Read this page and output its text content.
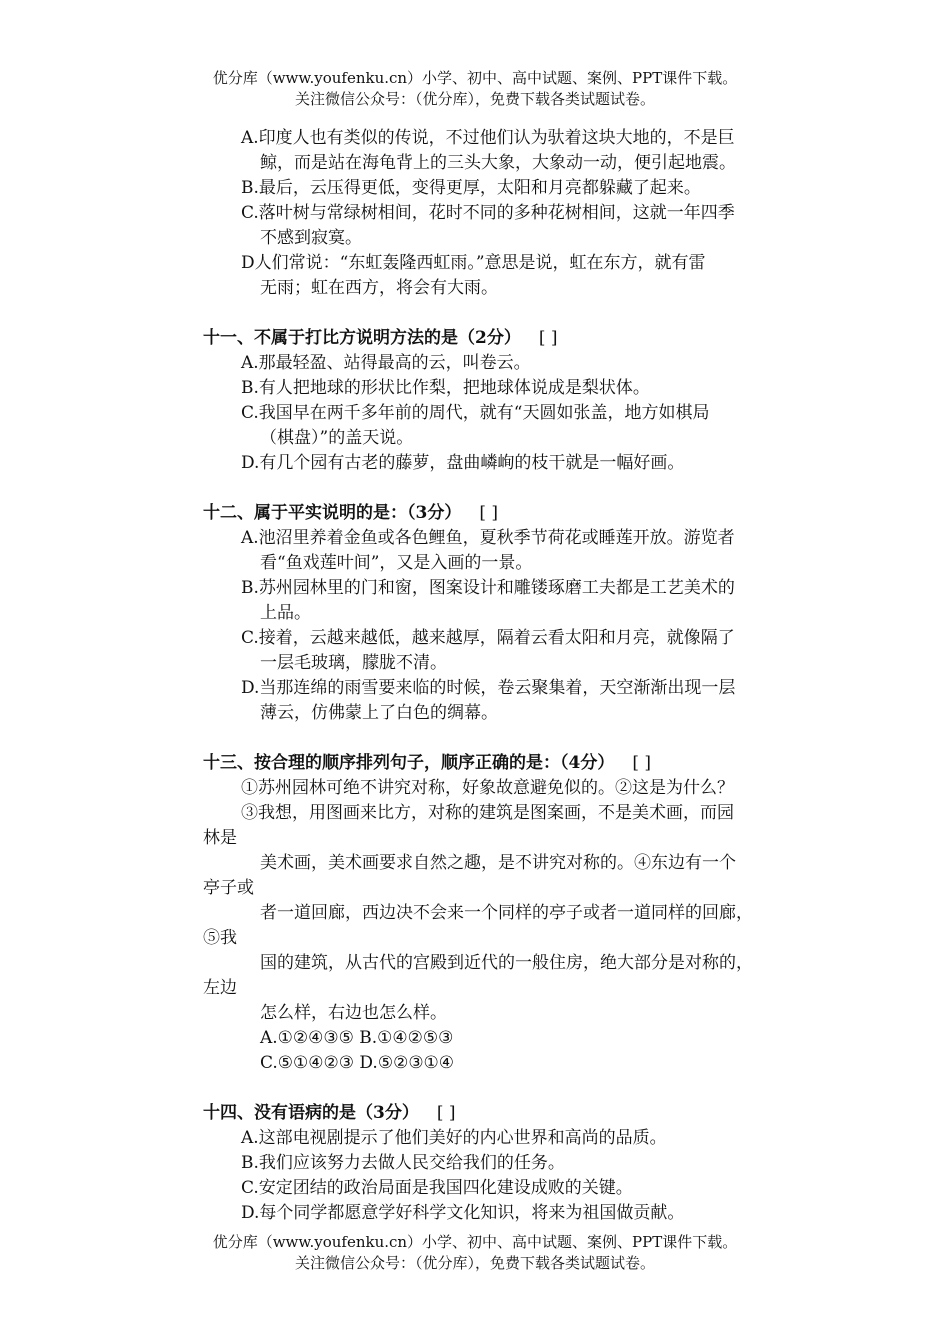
优分库（www.youfenku.cn）小学、初中、高中试题、案例、PPT课件下载。

关注微信公众号：（优分库），免费下载各类试题试卷。

A.印度人也有类似的传说，不过他们认为驮着这块大地的，不是巨

鲸，而是站在海龟背上的三头大象，大象动一动，便引起地震。

B.最后，云压得更低，变得更厚，太阳和月亮都躲藏了起来。

C.落叶树与常绿树相间，花时不同的多种花树相间，这就一年四季

不感到寂寞。

D人们常说：“东虹轰隆西虹雨。”意思是说，虹在东方，就有雷

无雨；虹在西方，将会有大雨。

十一、不属于打比方说明方法的是（2分） [ ]

A.那最轻盈、站得最高的云，叫卷云。

B.有人把地球的形状比作梨，把地球体说成是梨状体。

C.我国早在两千多年前的周代，就有“天圆如张盖，地方如棋局

（棋盘）”的盖天说。

D.有几个园有古老的藤萝，盘曲嶙峋的枝干就是一幅好画。

十二、属于平实说明的是：（3分） [ ]

A.池沼里养着金鱼或各色鲤鱼，夏秋季节荷花或睡莲开放。游览者

看“鱼戏莲叶间”，又是入画的一景。

B.苏州园林里的门和窗，图案设计和雕镂琢磨工夫都是工艺美术的

上品。

C.接着，云越来越低，越来越厚，隔着云看太阳和月亮，就像隔了

一层毛玻璃，朦胧不清。

D.当那连绵的雨雪要来临的时候，卷云聚集着，天空渐渐出现一层

薄云，仿佛蒙上了白色的绸幕。

十三、按合理的顺序排列句子，顺序正确的是：（4分） [ ]

①苏州园林可绝不讲究对称，好象故意避免似的。②这是为什么？

③我想，用图画来比方，对称的建筑是图案画，不是美术画，而园

林是

美术画，美术画要求自然之趣，是不讲究对称的。④东边有一个

亭子或

者一道回廊，西边决不会来一个同样的亭子或者一道同样的回廊，

⑤我

国的建筑，从古代的宫殿到近代的一般住房，绝大部分是对称的，

左边

怎么样，右边也怎么样。

A.①②④③⑤ B.①④②⑤③

C.⑤①④②③ D.⑤②③①④

十四、没有语病的是（3分） [ ]

A.这部电视剧提示了他们美好的内心世界和高尚的品质。

B.我们应该努力去做人民交给我们的任务。

C.安定团结的政治局面是我国四化建设成败的关键。

D.每个同学都愿意学好科学文化知识，将来为祖国做贡献。

优分库（www.youfenku.cn）小学、初中、高中试题、案例、PPT课件下载。

关注微信公众号：（优分库），免费下载各类试题试卷。
